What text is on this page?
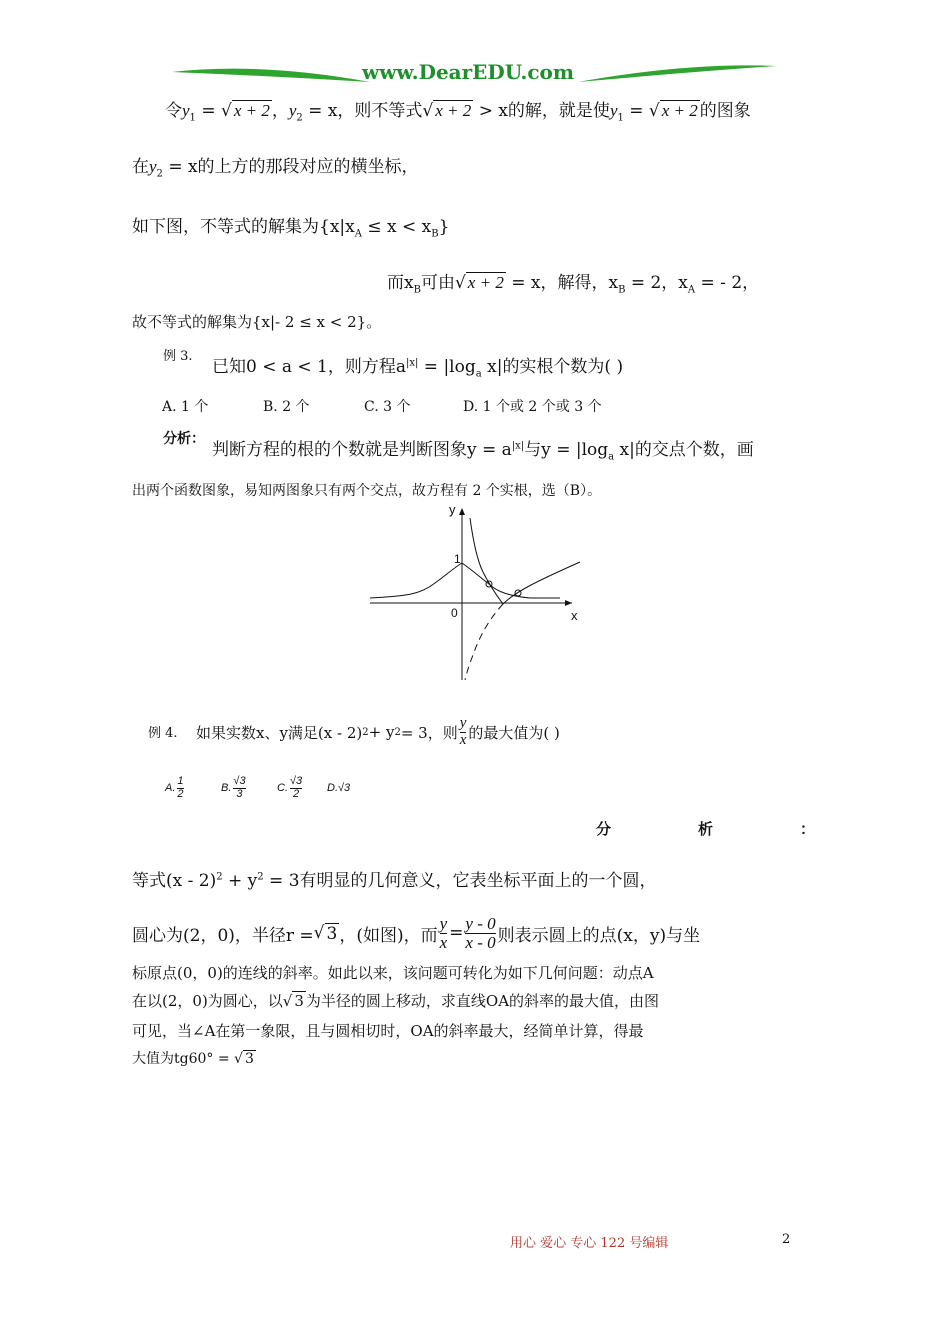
www.DearEDU.com
令$y_1$ = √ x + 2 ，$y_2 = x$，则不等式√ x + 2 > x的解，就是使$y_1$ = √ x + 2 的图象
在$y_2 = x$的上方的那段对应的横坐标，
如下图，不等式的解集为$\{x|x_A \le x < x_B\}$
而$x_B$可由√ x + 2 = x，解得，$x_B = 2$，$x_A$ = - 2，
故不等式的解集为{x|- 2 ≤ x < 2}。
例 3.
已知0 < a < 1，则方程$a^{|x|} = |\log_a$ x|的实根个数为( )
A. 1 个	B. 2 个	C. 3 个	D. 1 个或 2 个或 3 个
分析：
判断方程的根的个数就是判断图象$y = a^{|x|}$与$y = |\log_a$ x|的交点个数，画
出两个函数图象，易知两图象只有两个交点，故方程有 2 个实根，选（B）。
y
x
0
1
例 4. 如果实数x、y满足(x - 2) 2 + y 2 = 3，则 $\frac{y}{x}$ 的最大值为( )
A. $\frac{1}{2}$	B. $\frac{√3}{3}$	C. $\frac{√3}{2} D.√3$
分	析	：
等式$(x - 2)^2 + y^2 = 3$有明显的几何意义，它表坐标平面上的一个圆，
圆心为(2，0)，半径r = √ 3 ，(如图)，而 $\frac{y}{x} = \frac{y - 0}{x - 0}$ 则表示圆上的点(x，y)与坐
标原点(0，0)的连线的斜率。如此以来，该问题可转化为如下几何问题：动点A
在以(2，0)为圆心，以√ 3 为半径的圆上移动，求直线OA的斜率的最大值，由图
可见，当∠A在第一象限，且与圆相切时，OA的斜率最大，经简单计算，得最
大值为tg60° = √ 3
用心 爱心 专心 122 号编辑	2
